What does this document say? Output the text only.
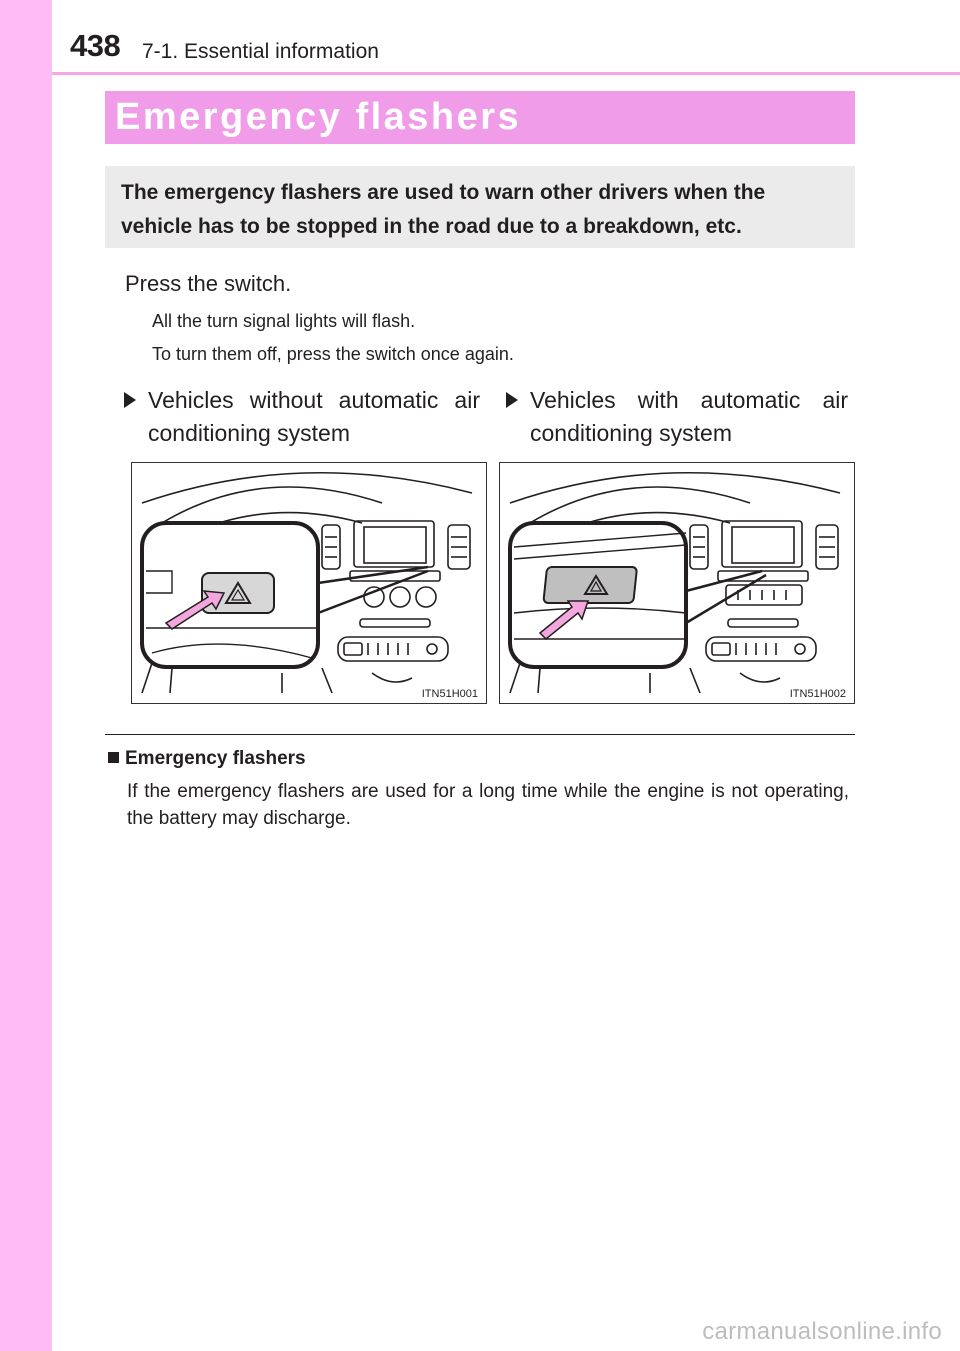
438 7-1. Essential information
Emergency flashers
The emergency flashers are used to warn other drivers when the vehicle has to be stopped in the road due to a breakdown, etc.
Press the switch.
All the turn signal lights will flash.
To turn them off, press the switch once again.
Vehicles without automatic air conditioning system
Vehicles with automatic air conditioning system
ITN51H001	ITN51H002
Emergency flashers
If the emergency flashers are used for a long time while the engine is not operating, the battery may discharge.
carmanualsonline.info
